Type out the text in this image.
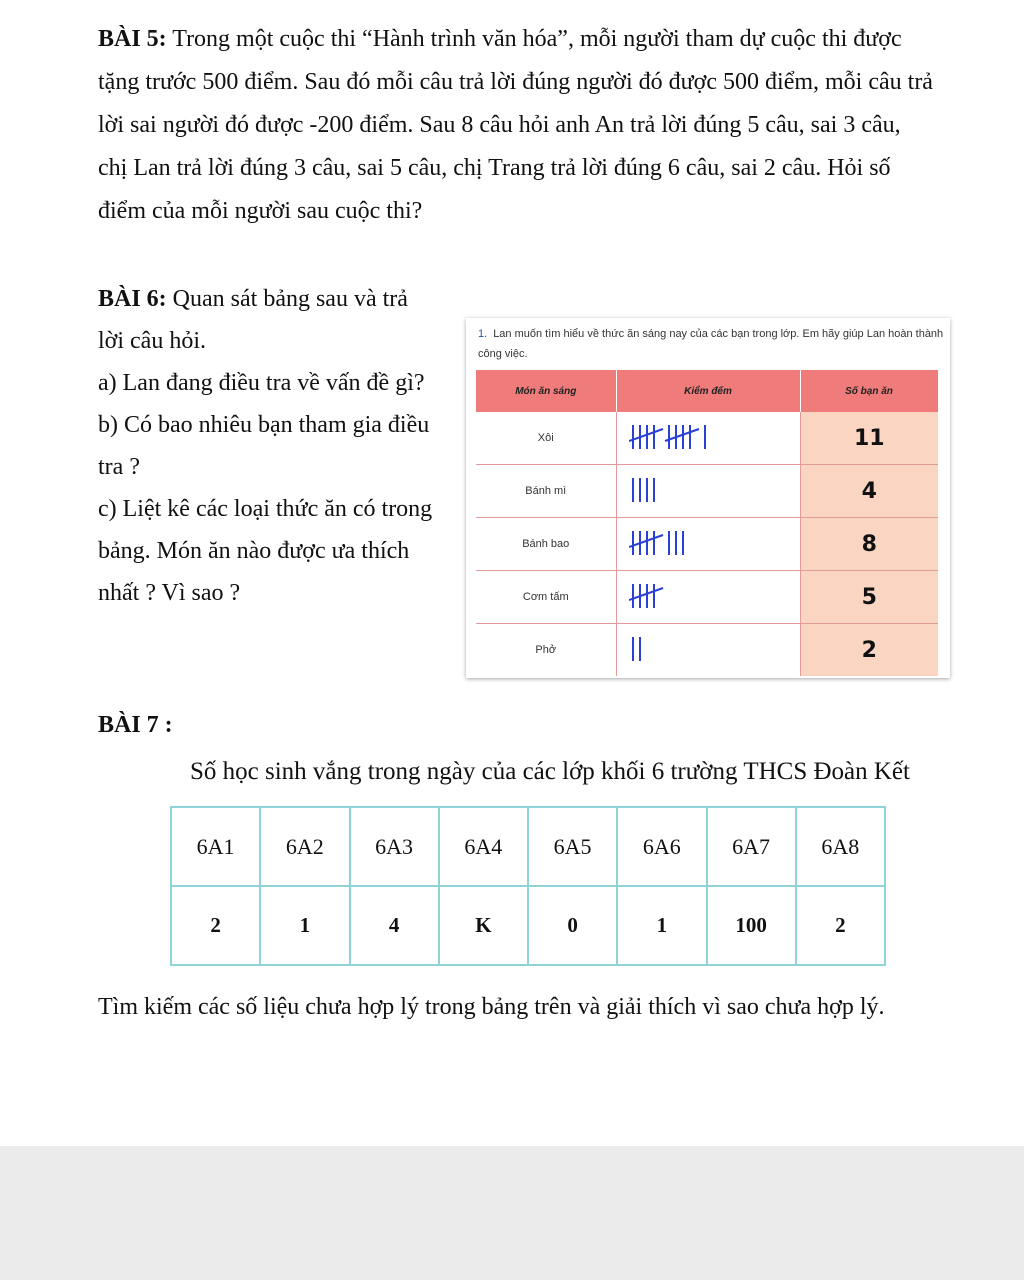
BÀI 5: Trong một cuộc thi “Hành trình văn hóa”, mỗi người tham dự cuộc thi được
tặng trước 500 điểm. Sau đó mỗi câu trả lời đúng người đó được 500 điểm, mỗi câu trả
lời sai người đó được -200 điểm. Sau 8 câu hỏi anh An trả lời đúng 5 câu, sai 3 câu,
chị Lan trả lời đúng 3 câu, sai 5 câu, chị Trang trả lời đúng 6 câu, sai 2 câu. Hỏi số
điểm của mỗi người sau cuộc thi?
BÀI 6: Quan sát bảng sau và trả
lời câu hỏi.
a) Lan đang điều tra về vấn đề gì?
b) Có bao nhiêu bạn tham gia điều
tra ?
c) Liệt kê các loại thức ăn có trong
bảng. Món ăn nào được ưa thích
nhất ? Vì sao ?
1. Lan muốn tìm hiểu về thức ăn sáng nay của các bạn trong lớp. Em hãy giúp Lan hoàn thành
công việc.
Món ăn sáng	Kiểm đếm	Số bạn ăn
Xôi		11
Bánh mì		4
Bánh bao		8
Cơm tấm		5
Phở		2
BÀI 7 :
Số học sinh vắng trong ngày của các lớp khối 6 trường THCS Đoàn Kết
6A1	6A2	6A3	6A4	6A5	6A6	6A7	6A8
2	1	4	K	0	1	100	2
Tìm kiếm các số liệu chưa hợp lý trong bảng trên và giải thích vì sao chưa hợp lý.
